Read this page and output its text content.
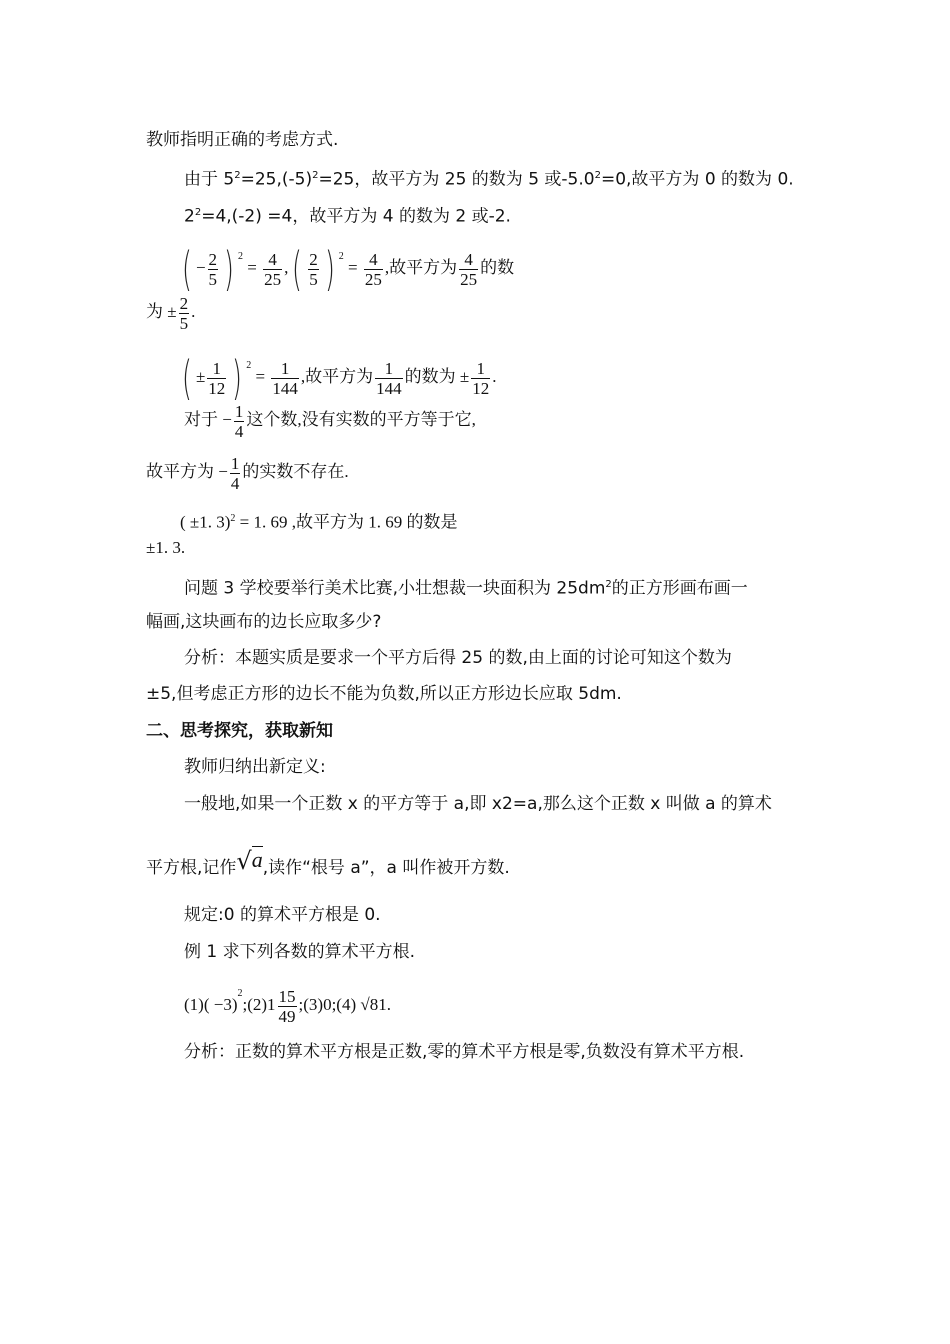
教师指明正确的考虑方式.
由于 $5^2=25,(-5)^2=25$，故平方为 25 的数为 5 或$-5.0^2=0$,故平方为 0 的数为 0.
$2^2=4,(-2) =4$，故平方为 4 的数为 2 或-2.
( − $\frac{2}{5}$ ) $^2 = \frac{4}{25}$ ,( $\frac{2}{5}$ ) $^2 = \frac{4}{25}$ ,故平方为 $\frac{4}{25}$ 的数
为 ± $\frac{2}{5}$ .
( ± $\frac{1}{12}$ ) $^2 = \frac{1}{144}$ ,故平方为 $\frac{1}{144}$ 的数为 ± $\frac{1}{12}$ .
对于 − $\frac{1}{4}$ 这个数,没有实数的平方等于它,
故平方为 − $\frac{1}{4}$ 的实数不存在.
( ±1. 3)$^2$ = 1. 69 ,故平方为 1. 69 的数是
±1. 3.
问题 3 学校要举行美术比赛,小壮想裁一块面积为 $25dm^2$的正方形画布画一
幅画,这块画布的边长应取多少?
分析：本题实质是要求一个平方后得 25 的数,由上面的讨论可知这个数为
±5,但考虑正方形的边长不能为负数,所以正方形边长应取 5dm.
二、思考探究，获取新知
教师归纳出新定义:
一般地,如果一个正数 x 的平方等于 a,即 x2=a,那么这个正数 x 叫做 a 的算术
平方根,记作√a,读作“根号 a”，a 叫作被开方数.
规定:0 的算术平方根是 0.
例 1 求下列各数的算术平方根.
$(1)( -3)^2;(2)1 \frac{15}{49}$ ;(3)0;(4) √81.
分析：正数的算术平方根是正数,零的算术平方根是零,负数没有算术平方根.
